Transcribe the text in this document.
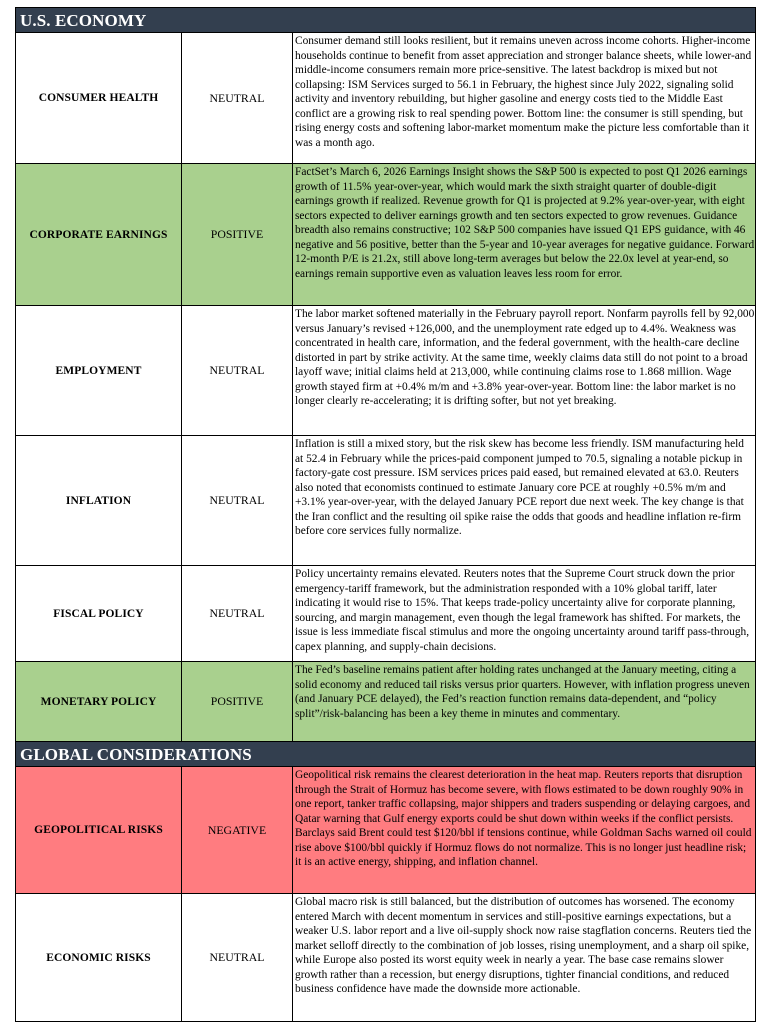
U.S. ECONOMY		
CONSUMER HEALTH	NEUTRAL	Consumer demand still looks resilient, but it remains uneven across income cohorts. Higher-income households continue to benefit from asset appreciation and stronger balance sheets, while lower-and middle-income consumers remain more price-sensitive. The latest backdrop is mixed but not collapsing: ISM Services surged to 56.1 in February, the highest since July 2022, signaling solid activity and inventory rebuilding, but higher gasoline and energy costs tied to the Middle East conflict are a growing risk to real spending power. Bottom line: the consumer is still spending, but rising energy costs and softening labor-market momentum make the picture less comfortable than it was a month ago.

CORPORATE EARNINGS	POSITIVE	FactSet’s March 6, 2026 Earnings Insight shows the S&P 500 is expected to post Q1 2026 earnings growth of 11.5% year-over-year, which would mark the sixth straight quarter of double-digit earnings growth if realized. Revenue growth for Q1 is projected at 9.2% year-over-year, with eight sectors expected to deliver earnings growth and ten sectors expected to grow revenues. Guidance breadth also remains constructive; 102 S&P 500 companies have issued Q1 EPS guidance, with 46 negative and 56 positive, better than the 5-year and 10-year averages for negative guidance. Forward 12-month P/E is 21.2x, still above long-term averages but below the 22.0x level at year-end, so earnings remain supportive even as valuation leaves less room for error.

EMPLOYMENT	NEUTRAL	The labor market softened materially in the February payroll report. Nonfarm payrolls fell by 92,000 versus January’s revised +126,000, and the unemployment rate edged up to 4.4%. Weakness was concentrated in health care, information, and the federal government, with the health-care decline distorted in part by strike activity. At the same time, weekly claims data still do not point to a broad layoff wave; initial claims held at 213,000, while continuing claims rose to 1.868 million. Wage growth stayed firm at +0.4% m/m and +3.8% year-over-year. Bottom line: the labor market is no longer clearly re-accelerating; it is drifting softer, but not yet breaking.

INFLATION	NEUTRAL	Inflation is still a mixed story, but the risk skew has become less friendly. ISM manufacturing held at 52.4 in February while the prices-paid component jumped to 70.5, signaling a notable pickup in factory-gate cost pressure. ISM services prices paid eased, but remained elevated at 63.0. Reuters also noted that economists continued to estimate January core PCE at roughly +0.5% m/m and +3.1% year-over-year, with the delayed January PCE report due next week. The key change is that the Iran conflict and the resulting oil spike raise the odds that goods and headline inflation re-firm before core services fully normalize.

FISCAL POLICY	NEUTRAL	Policy uncertainty remains elevated. Reuters notes that the Supreme Court struck down the prior emergency-tariff framework, but the administration responded with a 10% global tariff, later indicating it would rise to 15%. That keeps trade-policy uncertainty alive for corporate planning, sourcing, and margin management, even though the legal framework has shifted. For markets, the issue is less immediate fiscal stimulus and more the ongoing uncertainty around tariff pass-through, capex planning, and supply-chain decisions.

MONETARY POLICY	POSITIVE	The Fed’s baseline remains patient after holding rates unchanged at the January meeting, citing a solid economy and reduced tail risks versus prior quarters. However, with inflation progress uneven (and January PCE delayed), the Fed’s reaction function remains data-dependent, and “policy split”/risk-balancing has been a key theme in minutes and commentary.

GLOBAL CONSIDERATIONS		
GEOPOLITICAL RISKS	NEGATIVE	Geopolitical risk remains the clearest deterioration in the heat map. Reuters reports that disruption through the Strait of Hormuz has become severe, with flows estimated to be down roughly 90% in one report, tanker traffic collapsing, major shippers and traders suspending or delaying cargoes, and Qatar warning that Gulf energy exports could be shut down within weeks if the conflict persists. Barclays said Brent could test $120/bbl if tensions continue, while Goldman Sachs warned oil could rise above $100/bbl quickly if Hormuz flows do not normalize. This is no longer just headline risk; it is an active energy, shipping, and inflation channel.

ECONOMIC RISKS	NEUTRAL	Global macro risk is still balanced, but the distribution of outcomes has worsened. The economy entered March with decent momentum in services and still-positive earnings expectations, but a weaker U.S. labor report and a live oil-supply shock now raise stagflation concerns. Reuters tied the market selloff directly to the combination of job losses, rising unemployment, and a sharp oil spike, while Europe also posted its worst equity week in nearly a year. The base case remains slower growth rather than a recession, but energy disruptions, tighter financial conditions, and reduced business confidence have made the downside more actionable.
